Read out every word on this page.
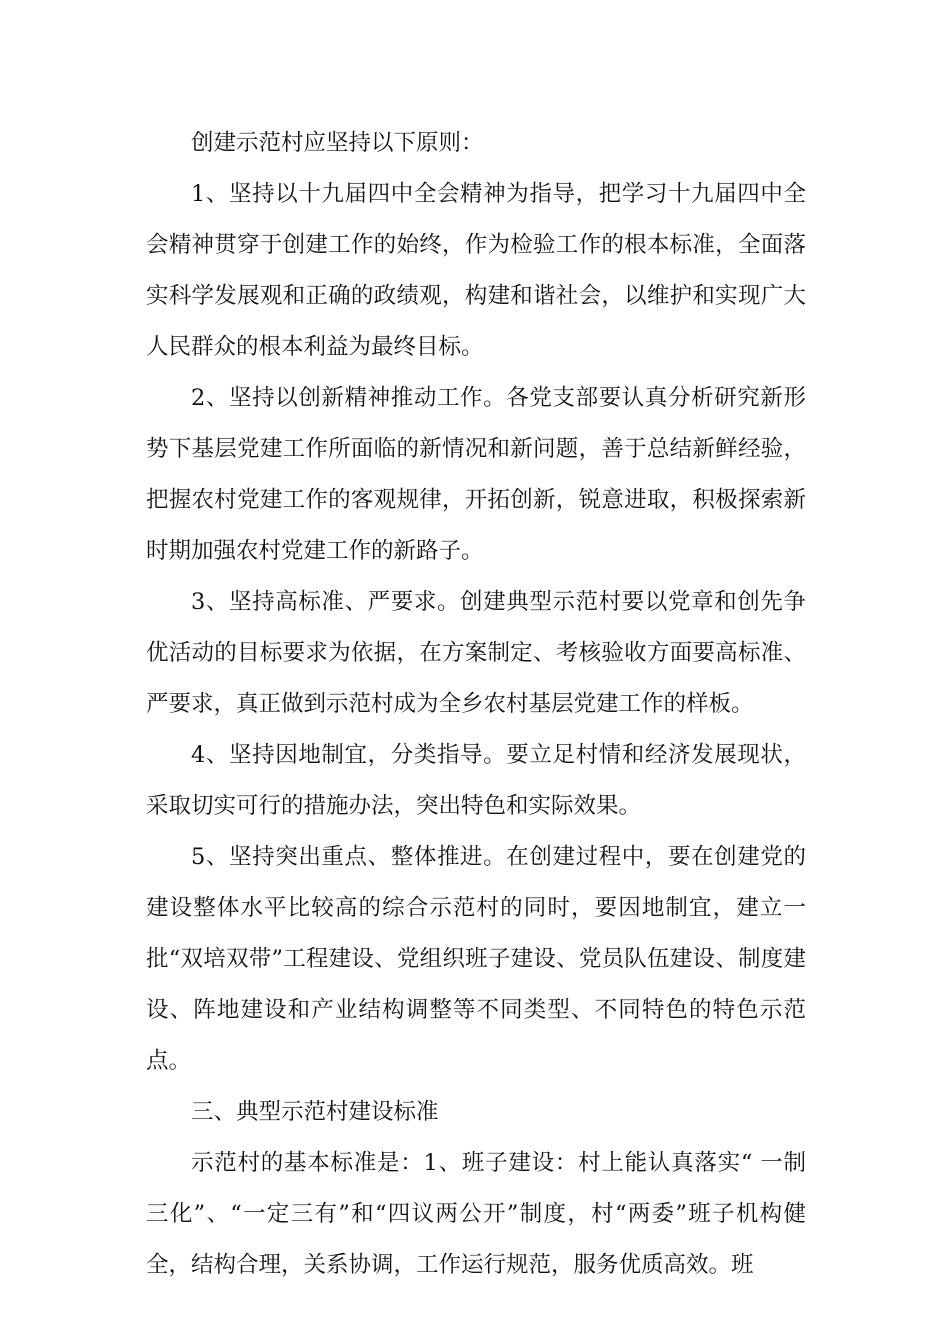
创建示范村应坚持以下原则：

1、坚持以十九届四中全会精神为指导，把学习十九届四中全会精神贯穿于创建工作的始终，作为检验工作的根本标准，全面落实科学发展观和正确的政绩观，构建和谐社会，以维护和实现广大人民群众的根本利益为最终目标。

2、坚持以创新精神推动工作。各党支部要认真分析研究新形势下基层党建工作所面临的新情况和新问题，善于总结新鲜经验，把握农村党建工作的客观规律，开拓创新，锐意进取，积极探索新时期加强农村党建工作的新路子。

3、坚持高标准、严要求。创建典型示范村要以党章和创先争优活动的目标要求为依据，在方案制定、考核验收方面要高标准、严要求，真正做到示范村成为全乡农村基层党建工作的样板。

4、坚持因地制宜，分类指导。要立足村情和经济发展现状，采取切实可行的措施办法，突出特色和实际效果。

5、坚持突出重点、整体推进。在创建过程中，要在创建党的建设整体水平比较高的综合示范村的同时，要因地制宜，建立一批“双培双带”工程建设、党组织班子建设、党员队伍建设、制度建设、阵地建设和产业结构调整等不同类型、不同特色的特色示范点。

三、典型示范村建设标准

示范村的基本标准是：1、班子建设：村上能认真落实“ 一制三化”、“一定三有”和“四议两公开”制度，村“两委”班子机构健全，结构合理，关系协调，工作运行规范，服务优质高效。班
